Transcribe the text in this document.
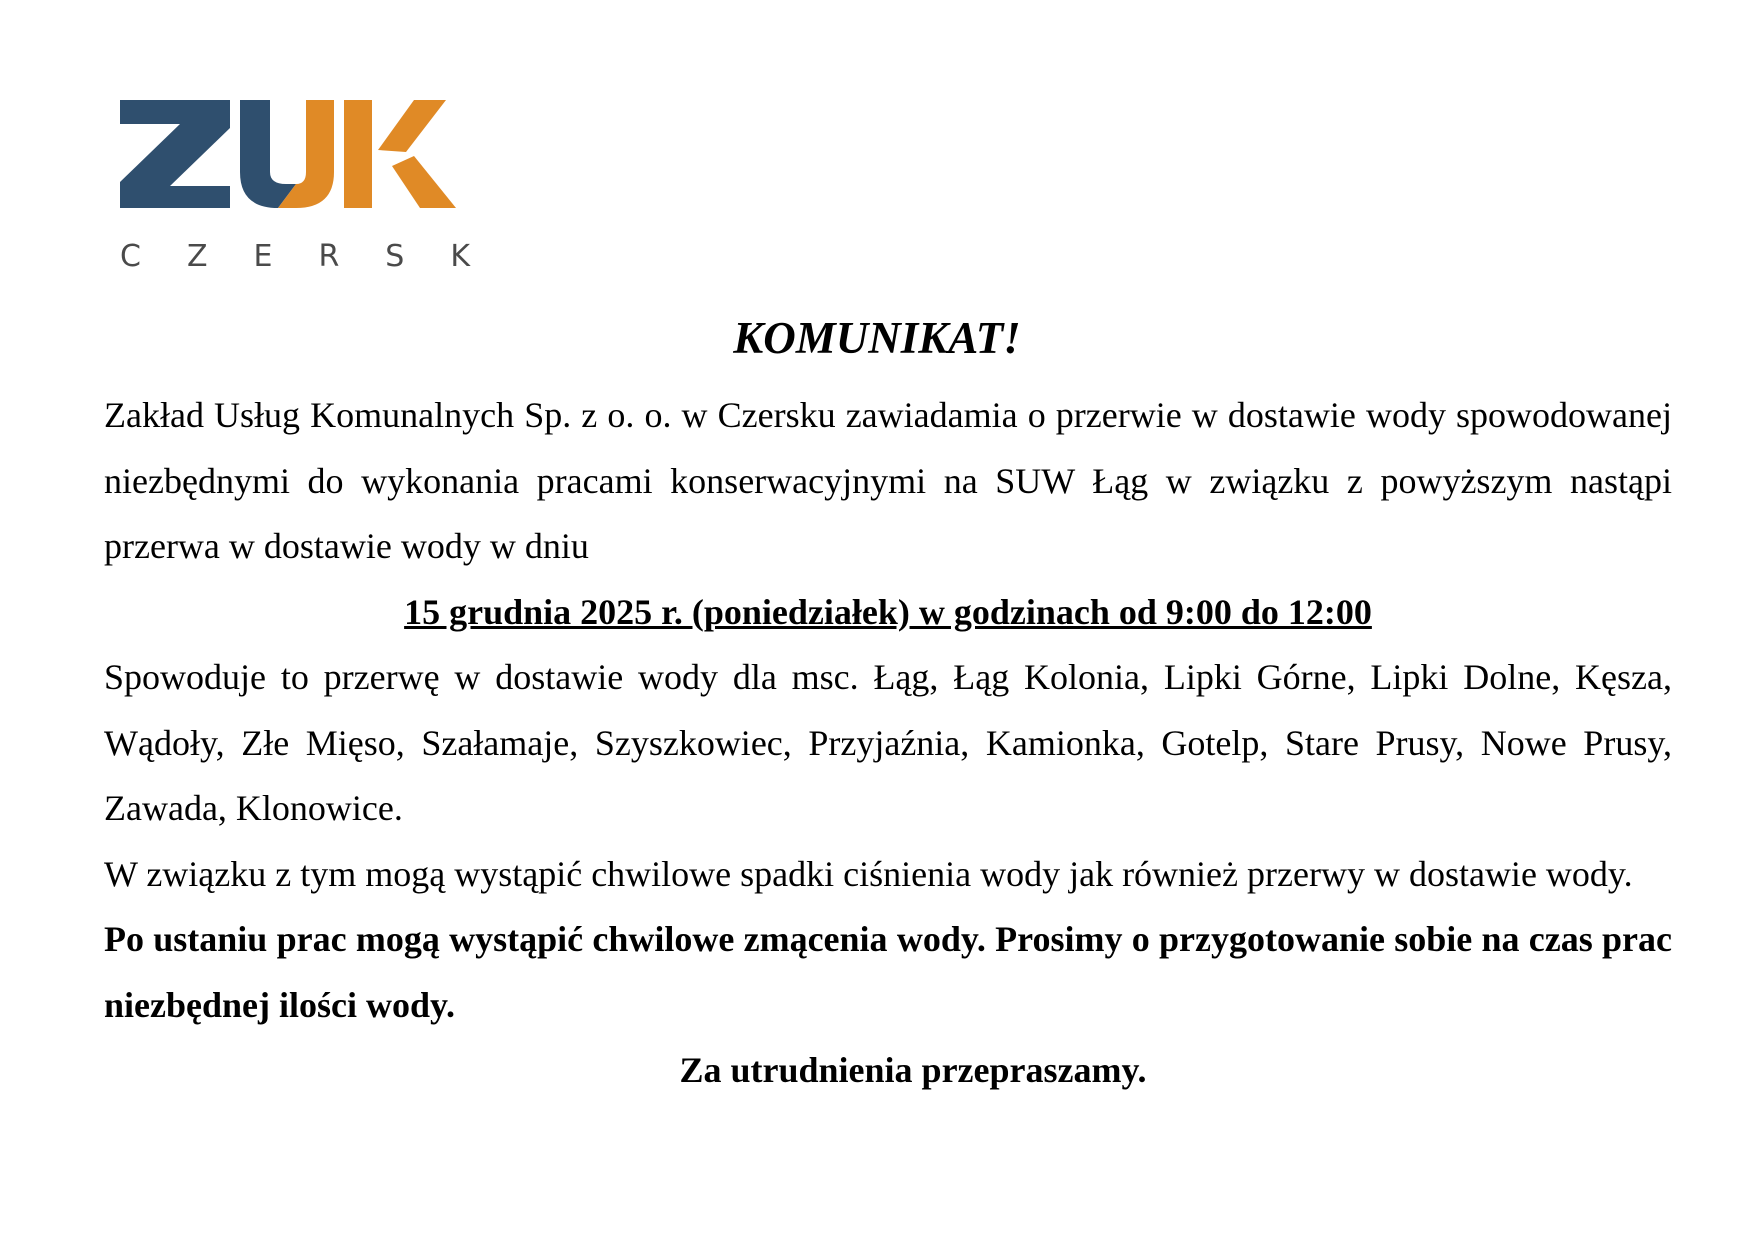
CZERSK
KOMUNIKAT!

Zakład Usług Komunalnych Sp. z o. o. w Czersku zawiadamia o przerwie w dostawie wody spowodowanej niezbędnymi do wykonania pracami konserwacyjnymi na SUW Łąg w związku z powyższym nastąpi przerwa w dostawie wody w dniu

15 grudnia 2025 r. (poniedziałek) w godzinach od 9:00 do 12:00

Spowoduje to przerwę w dostawie wody dla msc. Łąg, Łąg Kolonia, Lipki Górne, Lipki Dolne, Kęsza, Wądoły, Złe Mięso, Szałamaje, Szyszkowiec, Przyjaźnia, Kamionka, Gotelp, Stare Prusy, Nowe Prusy, Zawada, Klonowice.

W związku z tym mogą wystąpić chwilowe spadki ciśnienia wody jak również przerwy w dostawie wody.

Po ustaniu prac mogą wystąpić chwilowe zmącenia wody. Prosimy o przygotowanie sobie na czas prac niezbędnej ilości wody.

Za utrudnienia przepraszamy.
